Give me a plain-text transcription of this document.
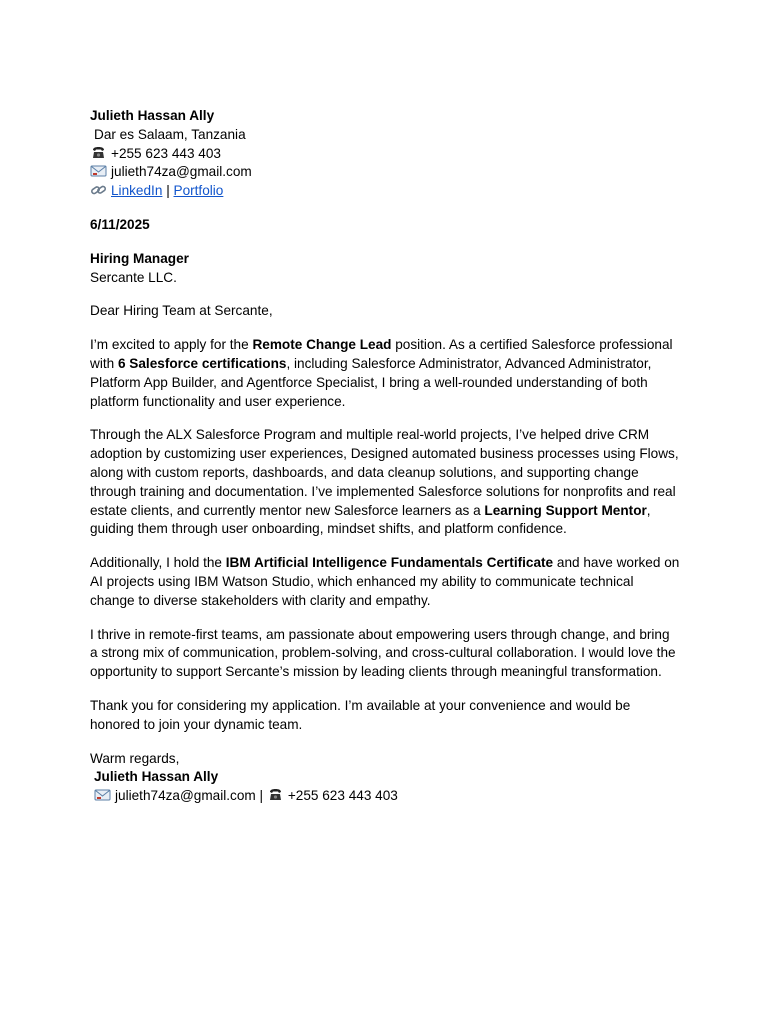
Julieth Hassan Ally
Dar es Salaam, Tanzania
+255 623 443 403
julieth74za@gmail.com
LinkedIn | Portfolio
6/11/2025
Hiring Manager
Sercante LLC.
Dear Hiring Team at Sercante,

I’m excited to apply for the Remote Change Lead position. As a certified Salesforce professional with 6 Salesforce certifications, including Salesforce Administrator, Advanced Administrator, Platform App Builder, and Agentforce Specialist, I bring a well-rounded understanding of both platform functionality and user experience.

Through the ALX Salesforce Program and multiple real-world projects, I’ve helped drive CRM adoption by customizing user experiences, Designed automated business processes using Flows, along with custom reports, dashboards, and data cleanup solutions, and supporting change through training and documentation. I’ve implemented Salesforce solutions for nonprofits and real estate clients, and currently mentor new Salesforce learners as a Learning Support Mentor, guiding them through user onboarding, mindset shifts, and platform confidence.

Additionally, I hold the IBM Artificial Intelligence Fundamentals Certificate and have worked on AI projects using IBM Watson Studio, which enhanced my ability to communicate technical change to diverse stakeholders with clarity and empathy.

I thrive in remote-first teams, am passionate about empowering users through change, and bring a strong mix of communication, problem-solving, and cross-cultural collaboration. I would love the opportunity to support Sercante’s mission by leading clients through meaningful transformation.

Thank you for considering my application. I’m available at your convenience and would be honored to join your dynamic team.

Warm regards,
Julieth Hassan Ally
julieth74za@gmail.com | +255 623 443 403
